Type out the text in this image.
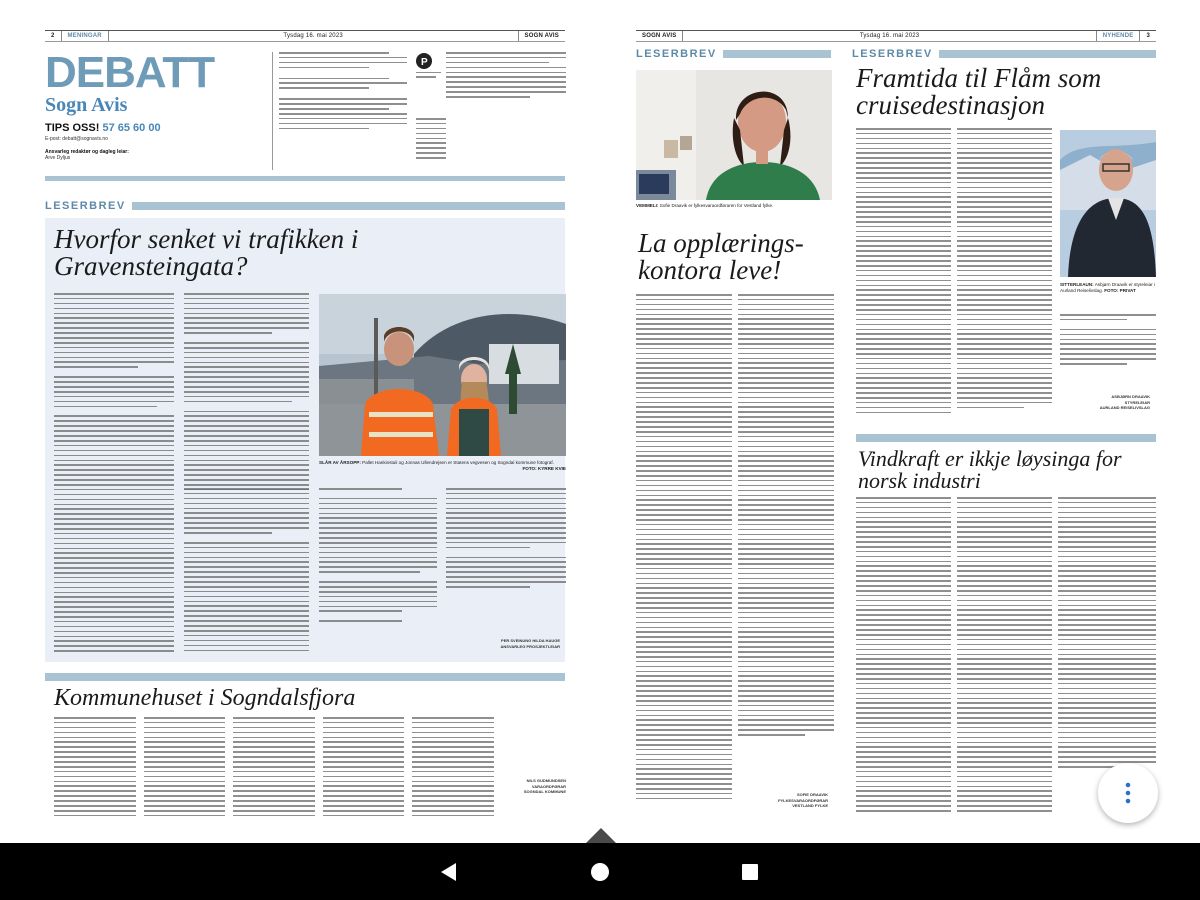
2	MENINGAR	Tysdag 16. mai 2023	SOGN AVIS
DEBATT
Sogn Avis
TIPS OSS! 57 65 60 00
E-post: debatt@sognavis.no
Ansvarleg redaktør og dagleg leiar:
Arve Dyljus
P
LESERBREV
Hvorfor senket vi trafikken i Gravensteingata?
SLÅR AV ÅRSOPP: Pallet Hankinstuli og Jonnas Ullendrejsen er Statens vegvesen og Sogndal kommune fotograf.
FOTO: KYRRE KVIE
PER SVEINUNG HILDA HAUGE
ANSVARLEG PROSJEKTLEIAR
Kommunehuset i Sogndalsfjora
NILS GUDMUNDSEN
VARAORDFØRAR
SOGNDAL KOMMUNE
SOGN AVIS	Tysdag 16. mai 2023	NYHENDE	3
LESERBREV	LESERBREV
VEMMELI: Sofie Draavik er fylkesvaraordføraren for Vestland fylke.
La opplærings-kontora leve!
SOFIE DRAAVIK
FYLKESVARAORDFØRAR
VESTLAND FYLKE
Framtida til Flåm som cruisedestinasjon
SITTERLEAUN: Asbjørn Draavik er styreleiar i Aurland Reiselivslag. FOTO: PRIVAT
ASBJØRN DRAAVIK
STYRELEIAR
AURLAND REISELIVSLAG
Vindkraft er ikkje løysinga for norsk industri
